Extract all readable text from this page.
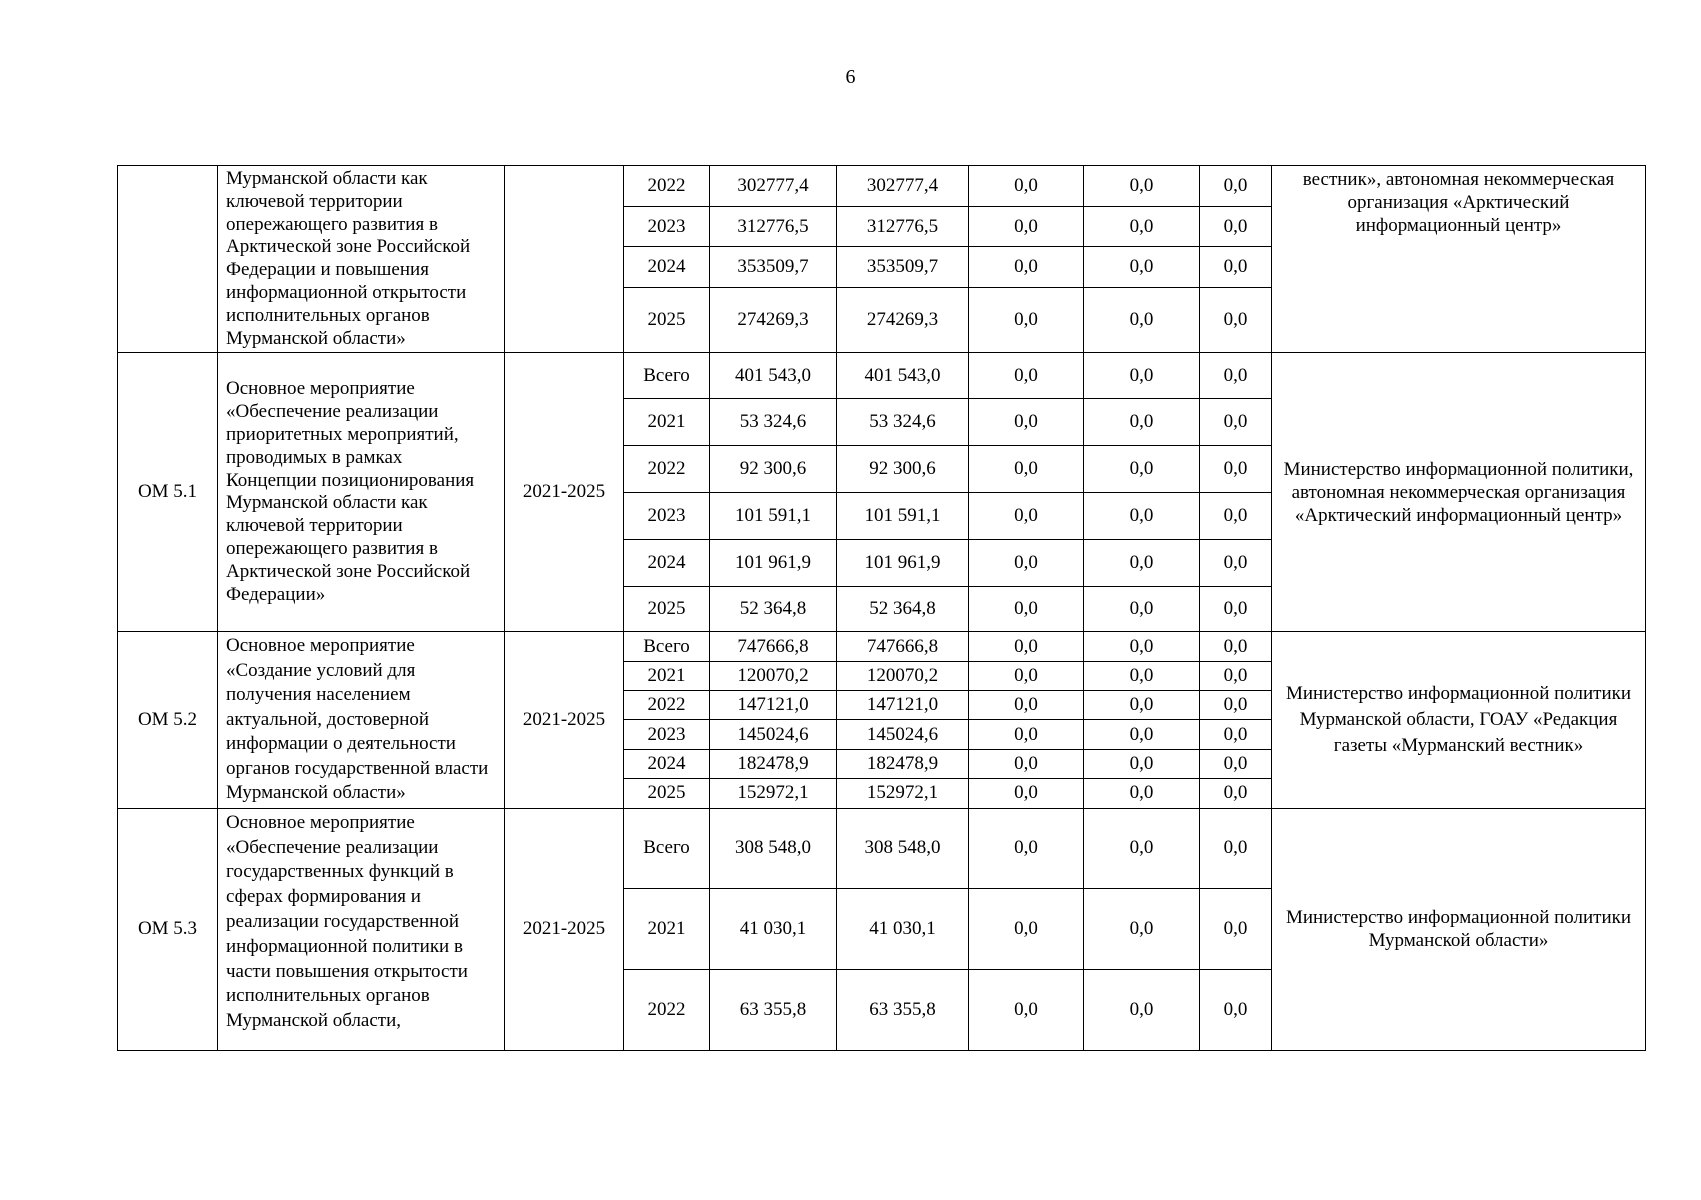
6
	Мурманской области как ключевой территории опережающего развития в Арктической зоне Российской Федерации и повышения информационной открытости исполнительных органов Мурманской области»		2022	302777,4	302777,4	0,0	0,0	0,0	вестник», автономная некоммерческая организация «Арктический информационный центр»
			2023	312776,5	312776,5	0,0	0,0	0,0	
			2024	353509,7	353509,7	0,0	0,0	0,0	
			2025	274269,3	274269,3	0,0	0,0	0,0	
ОМ 5.1	Основное мероприятие «Обеспечение реализации приоритетных мероприятий, проводимых в рамках Концепции позиционирования Мурманской области как ключевой территории опережающего развития в Арктической зоне Российской Федерации»	2021-2025	Всего	401 543,0	401 543,0	0,0	0,0	0,0	Министерство информационной политики, автономная некоммерческая организация «Арктический информационный центр»
			2021	53 324,6	53 324,6	0,0	0,0	0,0	
			2022	92 300,6	92 300,6	0,0	0,0	0,0	
			2023	101 591,1	101 591,1	0,0	0,0	0,0	
			2024	101 961,9	101 961,9	0,0	0,0	0,0	
			2025	52 364,8	52 364,8	0,0	0,0	0,0	
ОМ 5.2	Основное мероприятие «Создание условий для получения населением актуальной, достоверной информации о деятельности органов государственной власти Мурманской области»	2021-2025	Всего	747666,8	747666,8	0,0	0,0	0,0	Министерство информационной политики Мурманской области, ГОАУ «Редакция газеты «Мурманский вестник»
			2021	120070,2	120070,2	0,0	0,0	0,0	
			2022	147121,0	147121,0	0,0	0,0	0,0	
			2023	145024,6	145024,6	0,0	0,0	0,0	
			2024	182478,9	182478,9	0,0	0,0	0,0	
			2025	152972,1	152972,1	0,0	0,0	0,0	
ОМ 5.3	Основное мероприятие «Обеспечение реализации государственных функций в сферах формирования и реализации государственной информационной политики в части повышения открытости исполнительных органов Мурманской области,	2021-2025	Всего	308 548,0	308 548,0	0,0	0,0	0,0	Министерство информационной политики Мурманской области»
			2021	41 030,1	41 030,1	0,0	0,0	0,0	
			2022	63 355,8	63 355,8	0,0	0,0	0,0	
